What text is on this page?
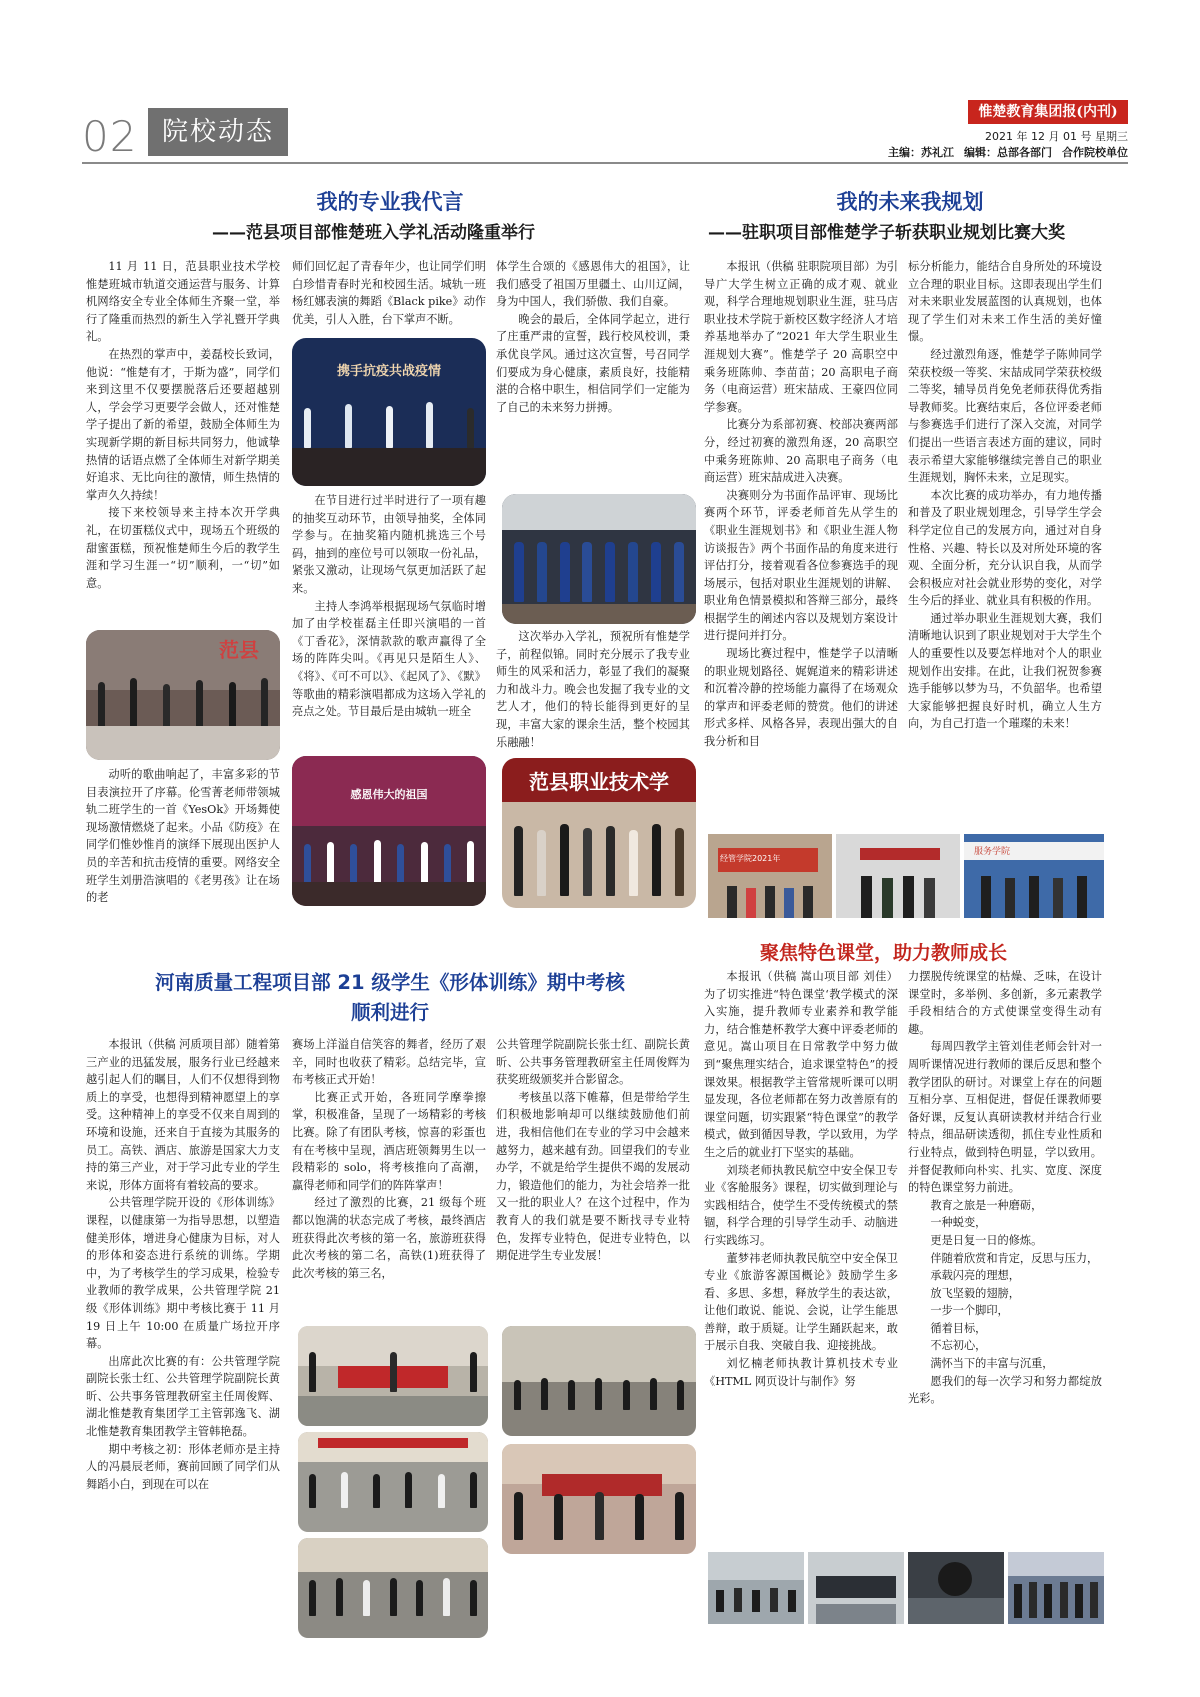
02 院校动态
惟楚教育集团报(内刊)
2021 年 12 月 01 号 星期三
主编：苏礼江 编辑：总部各部门 合作院校单位
我的专业我代言
——范县项目部惟楚班入学礼活动隆重举行

11 月 11 日，范县职业技术学校惟楚班城市轨道交通运营与服务、计算机网络安全专业全体师生齐聚一堂，举行了隆重而热烈的新生入学礼暨开学典礼。

在热烈的掌声中，姜磊校长致词，他说：“惟楚有才，于斯为盛”，同学们来到这里不仅要摆脱落后还要超越别人，学会学习更要学会做人，还对惟楚学子提出了新的希望，鼓励全体师生为实现新学期的新目标共同努力，他诚挚热情的话语点燃了全体师生对新学期美好追求、无比向往的激情，师生热情的掌声久久持续！

接下来校领导来主持本次开学典礼，在切蛋糕仪式中，现场五个班级的甜蜜蛋糕，预祝惟楚师生今后的教学生涯和学习生涯一“切”顺利，一“切”如意。

范县

动听的歌曲响起了，丰富多彩的节目表演拉开了序幕。伦雪菁老师带领城轨二班学生的一首《YesOk》开场舞使现场激情燃烧了起来。小品《防疫》在同学们惟妙惟肖的演绎下展现出医护人员的辛苦和抗击疫情的重要。网络安全班学生刘册浩演唱的《老男孩》让在场的老

师们回忆起了青春年少，也让同学们明白珍惜青春时光和校园生活。城轨一班杨红娜表演的舞蹈《Black pike》动作优美，引人入胜，台下掌声不断。

携手抗疫共战疫情

在节目进行过半时进行了一项有趣的抽奖互动环节，由领导抽奖，全体同学参与。在抽奖箱内随机挑选三个号码，抽到的座位号可以领取一份礼品，紧张又激动，让现场气氛更加活跃了起来。

主持人李鸿举根据现场气氛临时增加了由学校崔磊主任即兴演唱的一首《丁香花》，深情款款的歌声赢得了全场的阵阵尖叫。《再见只是陌生人》、《将》、《可不可以》、《起风了》、《默》等歌曲的精彩演唱都成为这场入学礼的亮点之处。节目最后是由城轨一班全

感恩伟大的祖国

体学生合颂的《感恩伟大的祖国》，让我们感受了祖国万里疆土、山川辽阔，身为中国人，我们骄傲、我们自豪。

晚会的最后，全体同学起立，进行了庄重严肃的宣誓，践行校风校训，秉承优良学风。通过这次宣誓，号召同学们要成为身心健康，素质良好，技能精湛的合格中职生，相信同学们一定能为了自己的未来努力拼搏。

这次举办入学礼，预祝所有惟楚学子，前程似锦。同时充分展示了我专业师生的风采和活力，彰显了我们的凝聚力和战斗力。晚会也发掘了我专业的文艺人才，他们的特长能得到更好的呈现，丰富大家的课余生活，整个校园其乐融融！

范县职业技术学
我的未来我规划
——驻职项目部惟楚学子斩获职业规划比赛大奖

本报讯（供稿 驻职院项目部）为引导广大学生树立正确的成才观、就业观，科学合理地规划职业生涯，驻马店职业技术学院于新校区数字经济人才培养基地举办了“2021 年大学生职业生涯规划大赛”。惟楚学子 20 高职空中乘务班陈帅、李苗苗；20 高职电子商务（电商运营）班宋喆成、王豪四位同学参赛。

比赛分为系部初赛、校部决赛两部分，经过初赛的激烈角逐，20 高职空中乘务班陈帅、20 高职电子商务（电商运营）班宋喆成进入决赛。

决赛则分为书面作品评审、现场比赛两个环节，评委老师首先从学生的《职业生涯规划书》和《职业生涯人物访谈报告》两个书面作品的角度来进行评估打分，接着观看各位参赛选手的现场展示，包括对职业生涯规划的讲解、职业角色情景模拟和答辩三部分，最终根据学生的阐述内容以及规划方案设计进行提问并打分。

现场比赛过程中，惟楚学子以清晰的职业规划路径、娓娓道来的精彩讲述和沉着冷静的控场能力赢得了在场观众的掌声和评委老师的赞赏。他们的讲述形式多样、风格各异，表现出强大的自我分析和目

标分析能力，能结合自身所处的环境设立合理的职业目标。这即表现出学生们对未来职业发展蓝图的认真规划，也体现了学生们对未来工作生活的美好憧憬。

经过激烈角逐，惟楚学子陈帅同学荣获校级一等奖、宋喆成同学荣获校级二等奖，辅导员肖免免老师获得优秀指导教师奖。比赛结束后，各位评委老师与参赛选手们进行了深入交流，对同学们提出一些语言表述方面的建议，同时表示希望大家能够继续完善自己的职业生涯规划，胸怀未来，立足现实。

本次比赛的成功举办，有力地传播和普及了职业规划理念，引导学生学会科学定位自己的发展方向，通过对自身性格、兴趣、特长以及对所处环境的客观、全面分析，充分认识自我，从而学会积极应对社会就业形势的变化，对学生今后的择业、就业具有积极的作用。

通过举办职业生涯规划大赛，我们清晰地认识到了职业规划对于大学生个人的重要性以及要怎样地对个人的职业规划作出安排。在此，让我们祝贺参赛选手能够以梦为马，不负韶华。也希望大家能够把握良好时机，确立人生方向，为自己打造一个璀璨的未来！

经管学院2021年
服务学院
河南质量工程项目部 21 级学生《形体训练》期中考核
顺利进行

本报讯（供稿 河质项目部）随着第三产业的迅猛发展，服务行业已经越来越引起人们的瞩目，人们不仅想得到物质上的享受，也想得到精神愿望上的享受。这种精神上的享受不仅来自周到的环境和设施，还来自于直接为其服务的员工。高铁、酒店、旅游是国家大力支持的第三产业，对于学习此专业的学生来说，形体方面将有着较高的要求。

公共管理学院开设的《形体训练》课程，以健康第一为指导思想，以塑造健美形体，增进身心健康为目标，对人的形体和姿态进行系统的训练。学期中，为了考核学生的学习成果，检验专业教师的教学成果，公共管理学院 21 级《形体训练》期中考核比赛于 11 月 19 日上午 10:00 在质量广场拉开序幕。

出席此次比赛的有：公共管理学院副院长张士红、公共管理学院副院长黄昕、公共事务管理教研室主任周俊辉、湖北惟楚教育集团学工主管郭逸飞、湖北惟楚教育集团教学主管韩艳磊。

期中考核之初：形体老师亦是主持人的冯晨辰老师，赛前回顾了同学们从舞蹈小白，到现在可以在

赛场上洋溢自信笑容的舞者，经历了艰辛，同时也收获了精彩。总结完毕，宣布考核正式开始！

比赛正式开始，各班同学摩拳擦掌，积极准备，呈现了一场精彩的考核比赛。除了有团队考核，惊喜的彩蛋也有在考核中呈现，酒店班领舞男生以一段精彩的 solo，将考核推向了高潮，赢得老师和同学们的阵阵掌声！

经过了激烈的比赛，21 级每个班都以饱满的状态完成了考核，最终酒店班获得此次考核的第一名，旅游班获得此次考核的第二名，高铁(1)班获得了此次考核的第三名，

公共管理学院副院长张士红、副院长黄昕、公共事务管理教研室主任周俊辉为获奖班级颁奖并合影留念。

考核虽以落下帷幕，但是带给学生们积极地影响却可以继续鼓励他们前进，我相信他们在专业的学习中会越来越努力，越来越有劲。回望我们的专业办学，不就是给学生提供不竭的发展动力，锻造他们的能力，为社会培养一批又一批的职业人？在这个过程中，作为教育人的我们就是要不断找寻专业特色，发挥专业特色，促进专业特色，以期促进学生专业发展！

聚焦特色课堂，助力教师成长

本报讯（供稿 嵩山项目部 刘佳）为了切实推进“特色课堂‘教学模式的深入实施，提升教师专业素养和教学能力，结合惟楚杯教学大赛中评委老师的意见。嵩山项目在日常教学中努力做到“聚焦理实结合，追求课堂特色”的授课效果。根据教学主管常规听课可以明显发现，各位老师都在努力改善原有的课堂问题，切实跟紧“特色课堂”的教学模式，做到循因导教，学以致用，为学生之后的就业打下坚实的基础。

刘琰老师执教民航空中安全保卫专业《客舱服务》课程，切实做到理论与实践相结合，使学生不受传统模式的禁锢，科学合理的引导学生动手、动脑进行实践练习。

董梦祎老师执教民航空中安全保卫专业《旅游客源国概论》鼓励学生多看、多思、多想，释放学生的表达欲，让他们敢说、能说、会说，让学生能思善辩，敢于质疑。让学生踊跃起来，敢于展示自我、突破自我、迎接挑战。

刘忆楠老师执教计算机技术专业《HTML 网页设计与制作》努

力摆脱传统课堂的枯燥、乏味，在设计课堂时，多举例、多创新，多元素教学手段相结合的方式使课堂变得生动有趣。

每周四教学主管刘佳老师会针对一周听课情况进行教师的课后反思和整个教学团队的研讨。对课堂上存在的问题互相分享、互相促进，督促任课教师要备好课，反复认真研读教材并结合行业特点，细品研读透彻，抓住专业性质和行业特点，做到特色明显，学以致用。并督促教师向朴实、扎实、宽度、深度的特色课堂努力前进。

教育之旅是一种磨砺，

一种蜕变，

更是日复一日的修炼。

伴随着欣赏和肯定，反思与压力，

承载闪亮的理想，

放飞坚毅的翅膀，

一步一个脚印，

循着目标，

不忘初心，

满怀当下的丰富与沉重，

愿我们的每一次学习和努力都绽放光彩。
